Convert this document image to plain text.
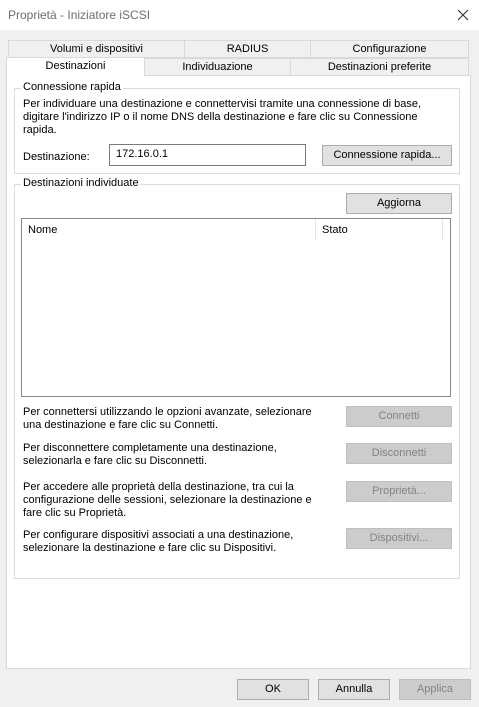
Proprietà - Iniziatore iSCSI
Volumi e dispositivi	RADIUS	Configurazione
Destinazioni	Individuazione	Destinazioni preferite
Connessione rapida
Per individuare una destinazione e connettervisi tramite una connessione di base, digitare l'indirizzo IP o il nome DNS della destinazione e fare clic su Connessione rapida.
Destinazione:	172.16.0.1	Connessione rapida...
Destinazioni individuate
Aggiorna
Nome	Stato
Per connettersi utilizzando le opzioni avanzate, selezionare una destinazione e fare clic su Connetti.
Connetti
Per disconnettere completamente una destinazione, selezionarla e fare clic su Disconnetti.
Disconnetti
Per accedere alle proprietà della destinazione, tra cui la configurazione delle sessioni, selezionare la destinazione e fare clic su Proprietà.
Proprietà...
Per configurare dispositivi associati a una destinazione, selezionare la destinazione e fare clic su Dispositivi.
Dispositivi...
OK	Annulla	Applica
